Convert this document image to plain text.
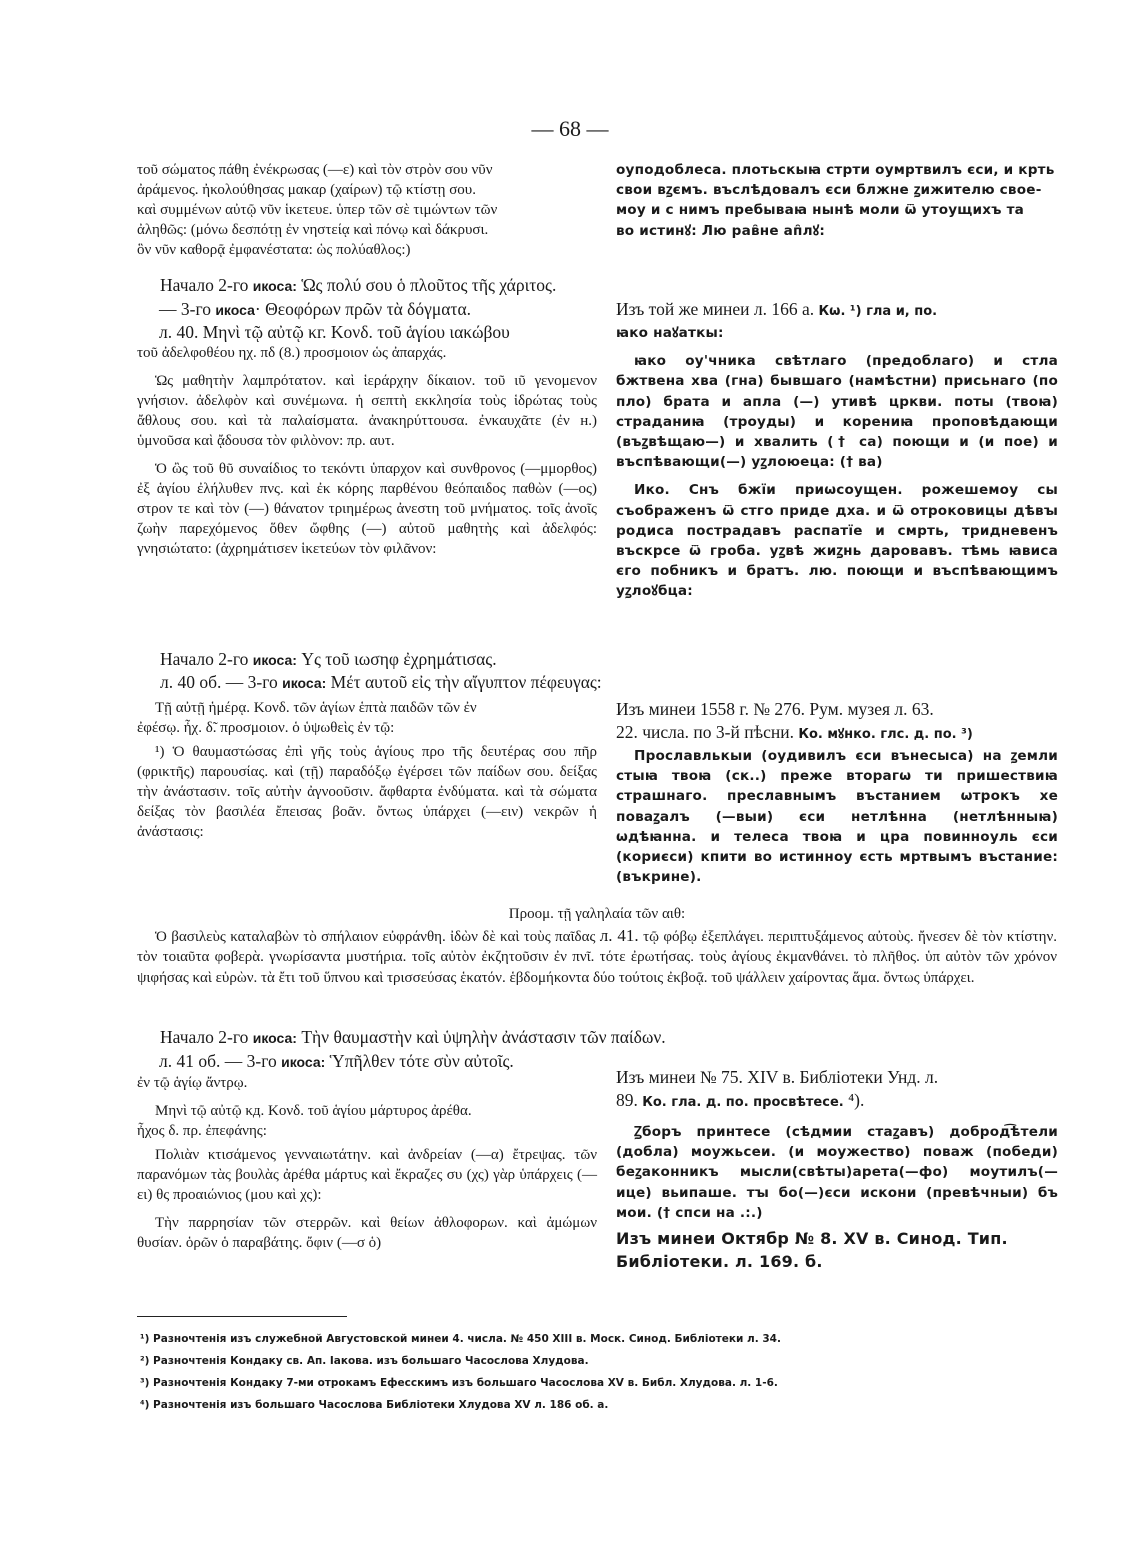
— 68 —

τοῦ σώματος πάθη ἐνέκρωσας (—ε) καὶ τὸν στρὸν σου νῦν

ἀράμενος. ἠκολούθησας μακαρ (χαίρων) τῷ κτίστῃ σου.

καὶ συμμένων αὐτῷ νῦν ἱκετευε. ὑπερ τῶν σὲ τιμώντων τῶν

ἀληθῶς: (μόνω δεσπότῃ ἐν νηστείᾳ καὶ πόνῳ καὶ δάκρυσι.

ὃν νῦν καθορᾷ ἐμφανέστατα: ὡς πολύαθλος:)

оуподоблеса. плотьскыꙗ стрти оумртвилъ єси, и крть

свои вꙁємъ. въслѣдовалъ єси блжне ꙁижителю свое-

моу и с нимъ пребываꙗ нынѣ моли ѿ утоущихъ та

во истинꙋ: Лю рав̑не ап̑лꙋ:

Начало 2-го икоса: Ὡς πολύ σου ὁ πλοῦτος τῆς χάριτος.

— 3-го икоса· Θεοφόρων πρῶν τὰ δόγματα.

л. 40. Μηνὶ τῷ αὐτῷ κг. Κονδ. τοῦ ἁγίου ιακώβου

τοῦ ἀδελφοθέου ηχ. πδ (8.) προσμοιον ὡς ἀπαρχάς.

Ὡς μαθητὴν λαμπρότατον. καὶ ἱεράρχην δίκαιον. τοῦ ιῦ γενομενον γνήσιον. ἀδελφὸν καὶ συνέμωνα. ἡ σεπτὴ εκκλησία τοὺς ἱδρώτας τοὺς ἄθλους σου. καὶ τὰ παλαίσματα. ἀνακηρύττουσα. ἐνκαυχᾶτε (ἐν ʜ.) ὑμνοῦσα καὶ ᾄδουσα τὸν φιλὸνον: πρ. αυτ.

Ὁ ὢς τοῦ θῦ συναίδιος το τεκόντι ὑπαρχον καὶ συνθρονος (—μμορθος) ἐξ ἁγίου ἐλήλυθεν πνς. καὶ ἐκ κόρης παρθένου θεόπαιδος παθὼν (—ος) στρον τε καὶ τὸν (—) θάνατον τριημέρως ἀνεστη τοῦ μνήματος. τοῖς ἀνοῖς ζωὴν παρεχόμενος ὅθεν ὤφθης (—) αὐτοῦ μαθητὴς καὶ ἀδελφός: γνησιώτατο: (ἀχρημάτισεν ἱκετεύων τὸν φιλᾶνον:

Изъ той же минеи л. 166 а. Кѡ. ¹) гла и, по.

ꙗко наꙋаткы:

ꙗко оу'чника свѣтлаго (предоблаго) и стла бжтвена хва (гна) бывшаго (намѣстни) присьнаго (по пло) брата и апла (—) утивѣ цркви. поты (твоꙗ) страданиꙗ (троуды) и корениꙗ проповѣдающи (въꙁвѣщаю—) и хвалить († са) поющи и (и пое) и въспѣвающи(—) уꙁлоюеца: († ва)

Ико. Снъ бжїи приѡсоущен. рожешемоу сы съображенъ ѿ стго приде дха. и ѿ отроковицы дѣвꙑ родиса пострадавъ распатїе и смрть, тридневенъ въскрсе ѿ гроба. уꙁвѣ жиꙁнь даровавъ. тѣмь ꙗвиса єго побникъ и братъ. лю. поющи и въспѣвающимъ уꙁлоꙋбца:

Начало 2-го икоса: Υς τοῦ ιωσηφ ἐχρημάτισας.

л. 40 об. — 3-го икоса: Μέτ αυτοῦ εἰς τὴν αἴγυπτον πέφευγας:

Τῇ αὐτῇ ἡμέρᾳ. Κονδ. τῶν ἁγίων ἑπτὰ παιδῶν τῶν ἐν

ἐφέσῳ. ἦχ. δ̃. προσμοιον. ὁ ὑψωθεὶς ἐν τῷ:

¹) Ὁ θαυμαστώσας ἐπὶ γῆς τοὺς ἁγίους προ τῆς δευτέρας σου πῆρ (φρικτῆς) παρουσίας. καὶ (τῇ) παραδόξῳ ἐγέρσει τῶν παίδων σου. δείξας τὴν ἀνάστασιν. τοῖς αὐτὴν ἀγνοοῦσιν. ἄφθαρτα ἐνδύματα. καὶ τὰ σώματα δείξας τὸν βασιλέα ἔπεισας βοᾶν. ὄντως ὑπάρχει (—ειν) νεκρῶν ἡ ἀνάστασις:

Изъ минеи 1558 г. № 276. Рум. музея л. 63.

22. числа. по 3-й пѣсни. Ко. мꙋнко. глс. д. по. ³)

Прославлькыи (оудивилъ єси вънесыса) на ꙁемли стыꙗ твоꙗ (ск..) преже вторагѡ ти пришествиꙗ страшнаго. преславнымъ въстанием ѡтрокъ хе поваꙁалъ (—выи) єси нетлѣнна (нетлѣнныꙗ) ѡдѣꙗнна. и телеса твоꙗ и цра повинноуль єси (кориєси) кпити во истинноу єсть мртвымъ въстание: (въкрине).

Προομ. τῇ γαληλαία τῶν αιθ:

Ὁ βασιλεὺς καταλαβὼν τὸ σπήλαιον εὐφράνθη. ἰδὼν δὲ καὶ τοὺς παῖδας л. 41. τῷ φόβῳ ἐξεπλάγει. περιπτυξάμενος αὐτοὺς. ἤνεσεν δὲ τὸν κτίστην. τὸν τοιαῦτα φοβερὰ. γνωρίσαντα μυστήρια. τοῖς αὐτὸν ἐκζητοῦσιν ἐν πνῖ. τότε ἐρωτήσας. τοὺς ἁγίους ἐκμανθάνει. τὸ πλῆθος. ὑπ αὐτὸν τῶν χρόνον ψιφήσας καὶ εὑρὼν. τὰ ἔτι τοῦ ὕπνου καὶ τρισσεύσας ἑκατόν. ἑβδομήκοντα δύο τούτοις ἐκβοᾷ. τοῦ ψάλλειν χαίροντας ἅμα. ὄντως ὑπάρχει.

Начало 2-го икоса: Τὴν θαυμαστὴν καὶ ὑψηλὴν ἀνάστασιν τῶν παίδων.

л. 41 об. — 3-го икоса: Ὑπῆλθεν τότε σὺν αὐτοῖς.

ἐν τῷ ἁγίῳ ἄντρῳ.

Μηνὶ τῷ αὐτῷ κд. Κονδ. τοῦ ἁγίου μάρτυρος ἀρέθα.

ἦχος δ. πρ. ἐπεφάνης:

Πολιὰν κτισάμενος γενναιωτάτην. καὶ ἀνδρείαν (—α) ἔτρεψας. τῶν παρανόμων τὰς βουλὰς ἀρέθα μάρτυς καὶ ἔκραζες συ (χς) γὰρ ὑπάρχεις (—ει) θς προαιώνιος (μου καὶ χς):

Τὴν παρρησίαν τῶν στερρῶν. καὶ θείων ἀθλοφορων. καὶ ἀμώμων θυσίαν. ὁρῶν ὁ παραβάτης. ὄφιν (—σ ὁ)

Изъ минеи № 75. XIV в. Библіотеки Унд. л.

89. Ко. гла. д. по. просвѣтесе. ⁴).

Ꙁборъ принтесе (сѣдмии стаꙁавъ) доброд͡ѣтели (добла) моужьсеи. (и моужество) поваж (победи) беꙁаконникъ мысли(свѣты)арета(—фо) моутилъ(—ице) вьипаше. тꙑ бо(—)єси искони (превѣчныи) бъ мои. († спси на .:.)

Изъ минеи Октябр № 8. XV в. Синод. Тип.

Библіотеки. л. 169. б.

¹) Разночтенія изъ служебной Августовской минеи 4. числа. № 450 XIII в. Моск. Синод. Библіотеки л. 34.
²) Разночтенія Кондаку св. Ап. Іакова. изъ большаго Часослова Хлудова.
³) Разночтенія Кондаку 7-ми отрокамъ Ефесскимъ изъ большаго Часослова XV в. Библ. Хлудова. л. 1-6.
⁴) Разночтенія изъ большаго Часослова Библіотеки Хлудова XV л. 186 об. а.
